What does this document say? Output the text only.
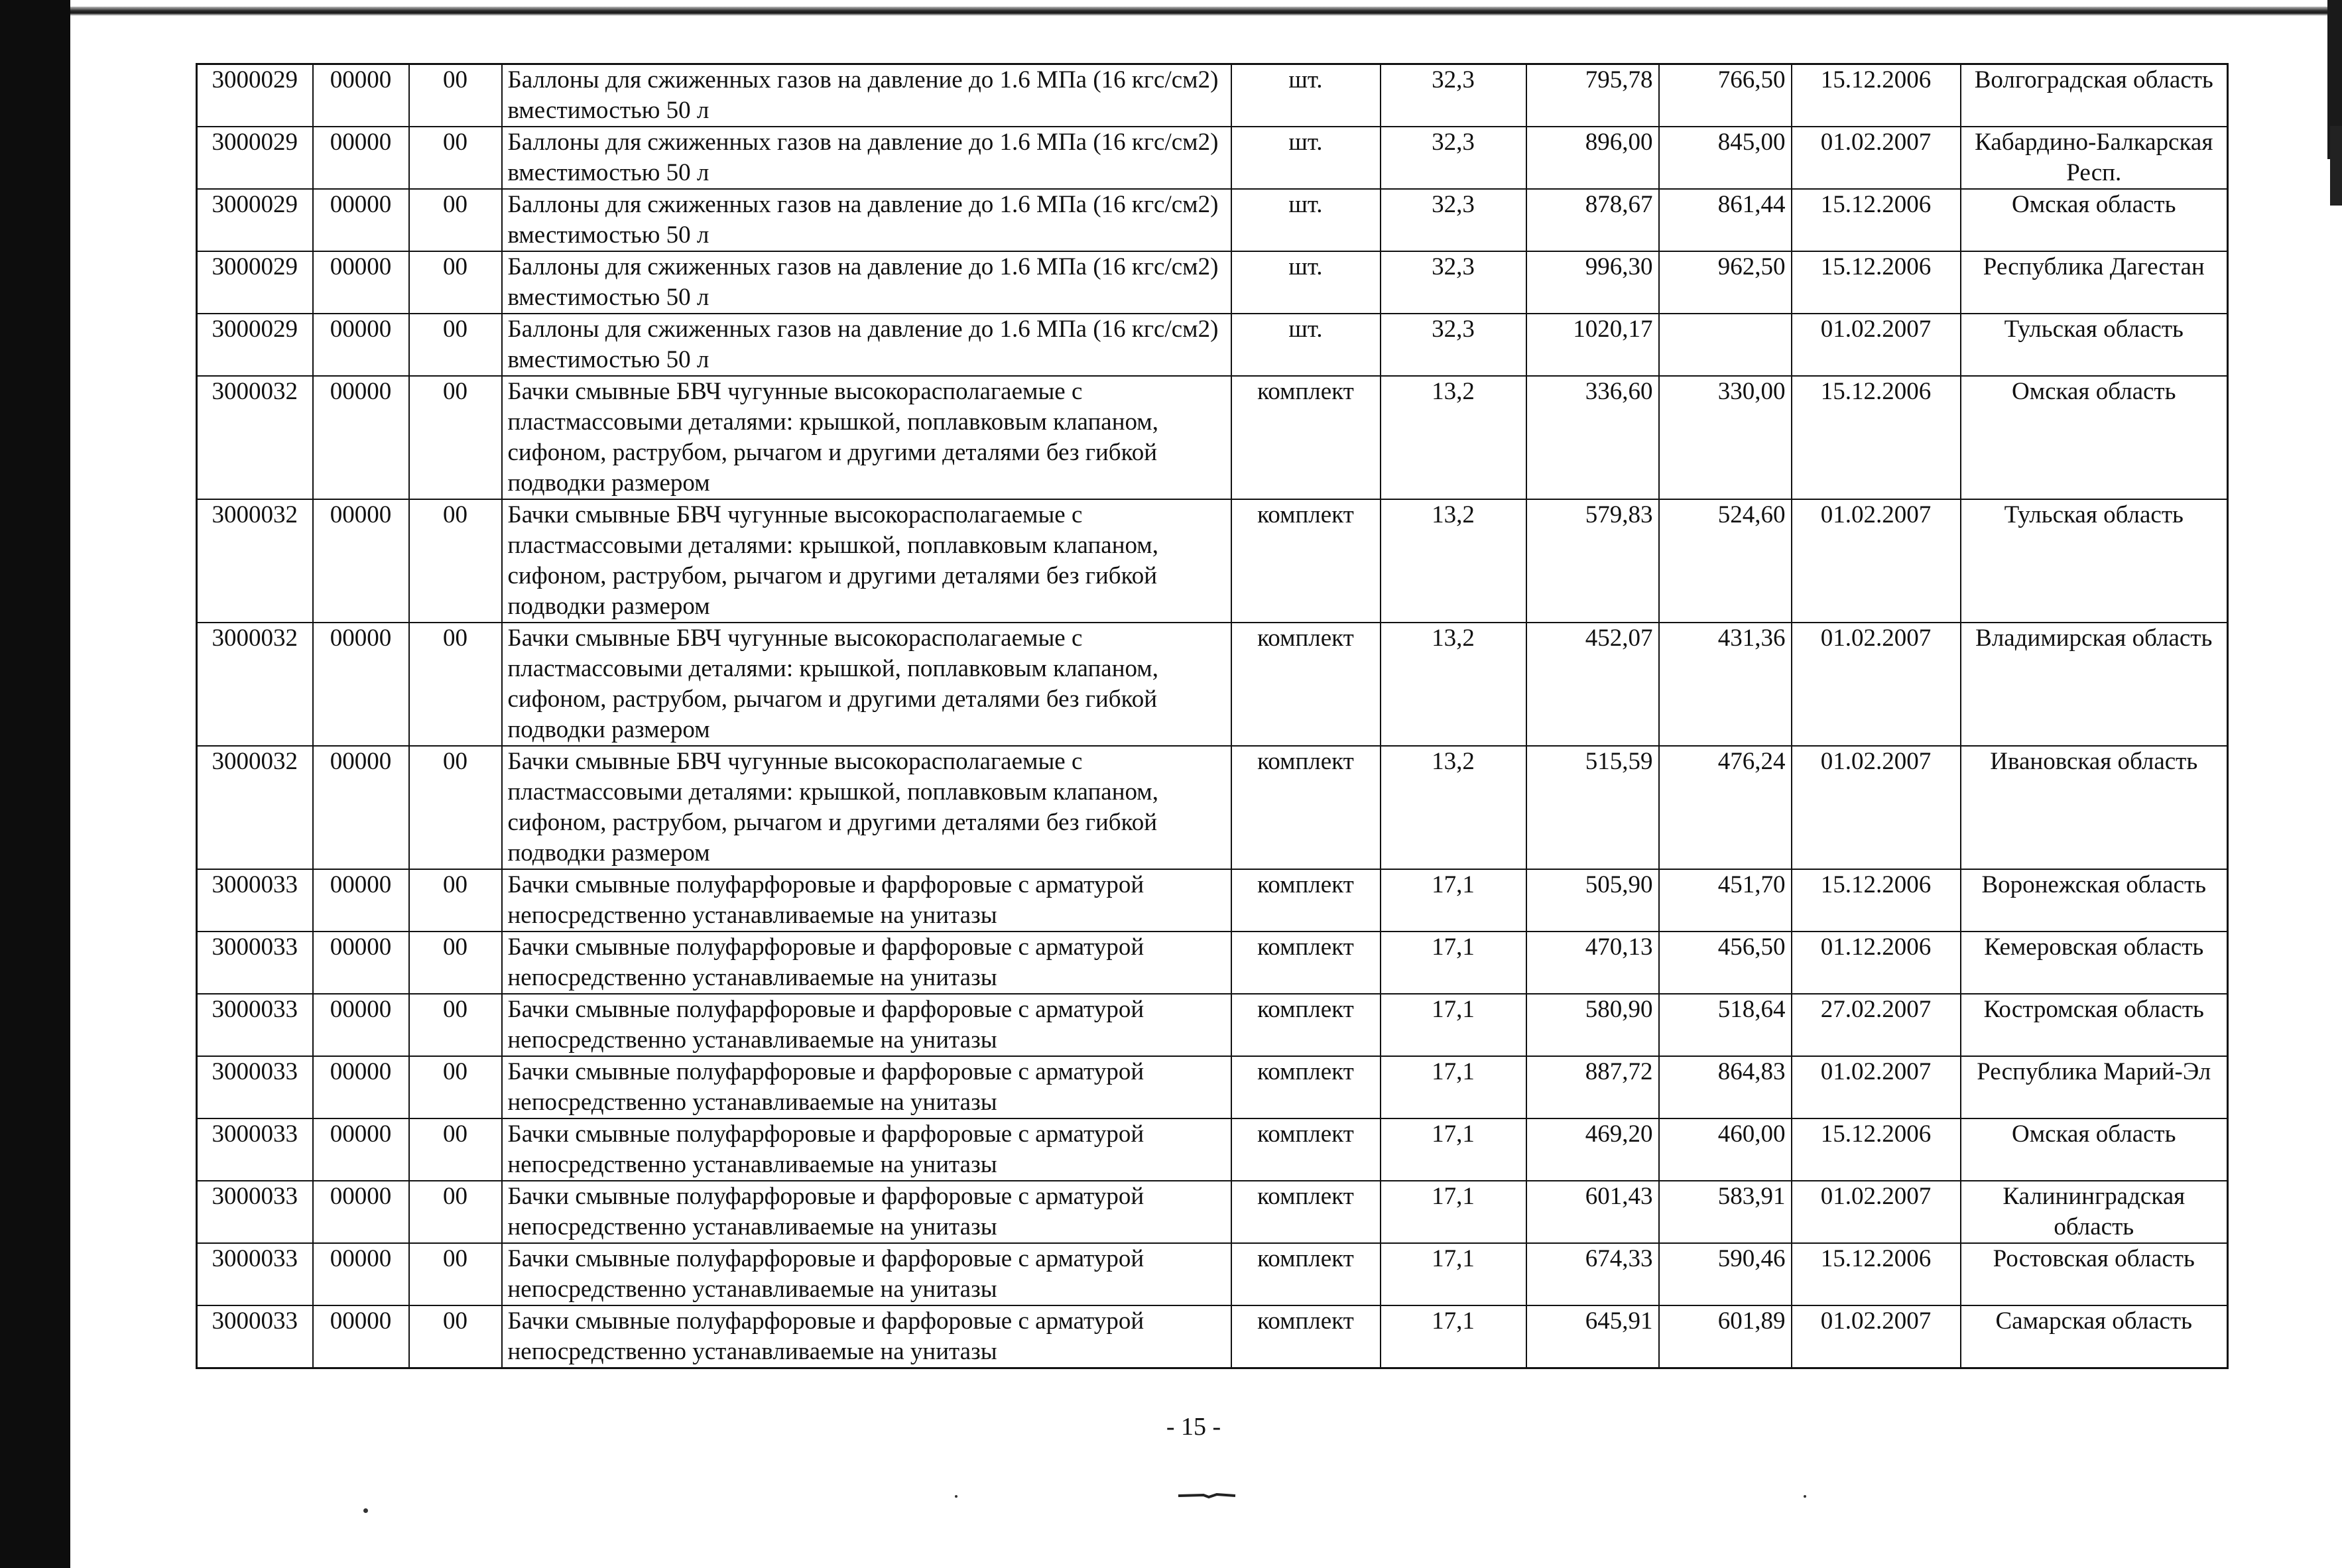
3000029	00000	00	Баллоны для сжиженных газов на давление до 1.6 МПа (16 кгс/см2) вместимостью 50 л	шт.	32,3	795,78	766,50	15.12.2006	Волгоградская область
3000029	00000	00	Баллоны для сжиженных газов на давление до 1.6 МПа (16 кгс/см2) вместимостью 50 л	шт.	32,3	896,00	845,00	01.02.2007	Кабардино-Балкарская Респ.
3000029	00000	00	Баллоны для сжиженных газов на давление до 1.6 МПа (16 кгс/см2) вместимостью 50 л	шт.	32,3	878,67	861,44	15.12.2006	Омская область
3000029	00000	00	Баллоны для сжиженных газов на давление до 1.6 МПа (16 кгс/см2) вместимостью 50 л	шт.	32,3	996,30	962,50	15.12.2006	Республика Дагестан
3000029	00000	00	Баллоны для сжиженных газов на давление до 1.6 МПа (16 кгс/см2) вместимостью 50 л	шт.	32,3	1020,17		01.02.2007	Тульская область
3000032	00000	00	Бачки смывные БВЧ чугунные высокорасполагаемые с пластмассовыми деталями: крышкой, поплавковым клапаном, сифоном, раструбом, рычагом и другими деталями без гибкой подводки размером	комплект	13,2	336,60	330,00	15.12.2006	Омская область
3000032	00000	00	Бачки смывные БВЧ чугунные высокорасполагаемые с пластмассовыми деталями: крышкой, поплавковым клапаном, сифоном, раструбом, рычагом и другими деталями без гибкой подводки размером	комплект	13,2	579,83	524,60	01.02.2007	Тульская область
3000032	00000	00	Бачки смывные БВЧ чугунные высокорасполагаемые с пластмассовыми деталями: крышкой, поплавковым клапаном, сифоном, раструбом, рычагом и другими деталями без гибкой подводки размером	комплект	13,2	452,07	431,36	01.02.2007	Владимирская область
3000032	00000	00	Бачки смывные БВЧ чугунные высокорасполагаемые с пластмассовыми деталями: крышкой, поплавковым клапаном, сифоном, раструбом, рычагом и другими деталями без гибкой подводки размером	комплект	13,2	515,59	476,24	01.02.2007	Ивановская область
3000033	00000	00	Бачки смывные полуфарфоровые и фарфоровые с арматурой непосредственно устанавливаемые на унитазы	комплект	17,1	505,90	451,70	15.12.2006	Воронежская область
3000033	00000	00	Бачки смывные полуфарфоровые и фарфоровые с арматурой непосредственно устанавливаемые на унитазы	комплект	17,1	470,13	456,50	01.12.2006	Кемеровская область
3000033	00000	00	Бачки смывные полуфарфоровые и фарфоровые с арматурой непосредственно устанавливаемые на унитазы	комплект	17,1	580,90	518,64	27.02.2007	Костромская область
3000033	00000	00	Бачки смывные полуфарфоровые и фарфоровые с арматурой непосредственно устанавливаемые на унитазы	комплект	17,1	887,72	864,83	01.02.2007	Республика Марий-Эл
3000033	00000	00	Бачки смывные полуфарфоровые и фарфоровые с арматурой непосредственно устанавливаемые на унитазы	комплект	17,1	469,20	460,00	15.12.2006	Омская область
3000033	00000	00	Бачки смывные полуфарфоровые и фарфоровые с арматурой непосредственно устанавливаемые на унитазы	комплект	17,1	601,43	583,91	01.02.2007	Калининградская область
3000033	00000	00	Бачки смывные полуфарфоровые и фарфоровые с арматурой непосредственно устанавливаемые на унитазы	комплект	17,1	674,33	590,46	15.12.2006	Ростовская область
3000033	00000	00	Бачки смывные полуфарфоровые и фарфоровые с арматурой непосредственно устанавливаемые на унитазы	комплект	17,1	645,91	601,89	01.02.2007	Самарская область
- 15 -
